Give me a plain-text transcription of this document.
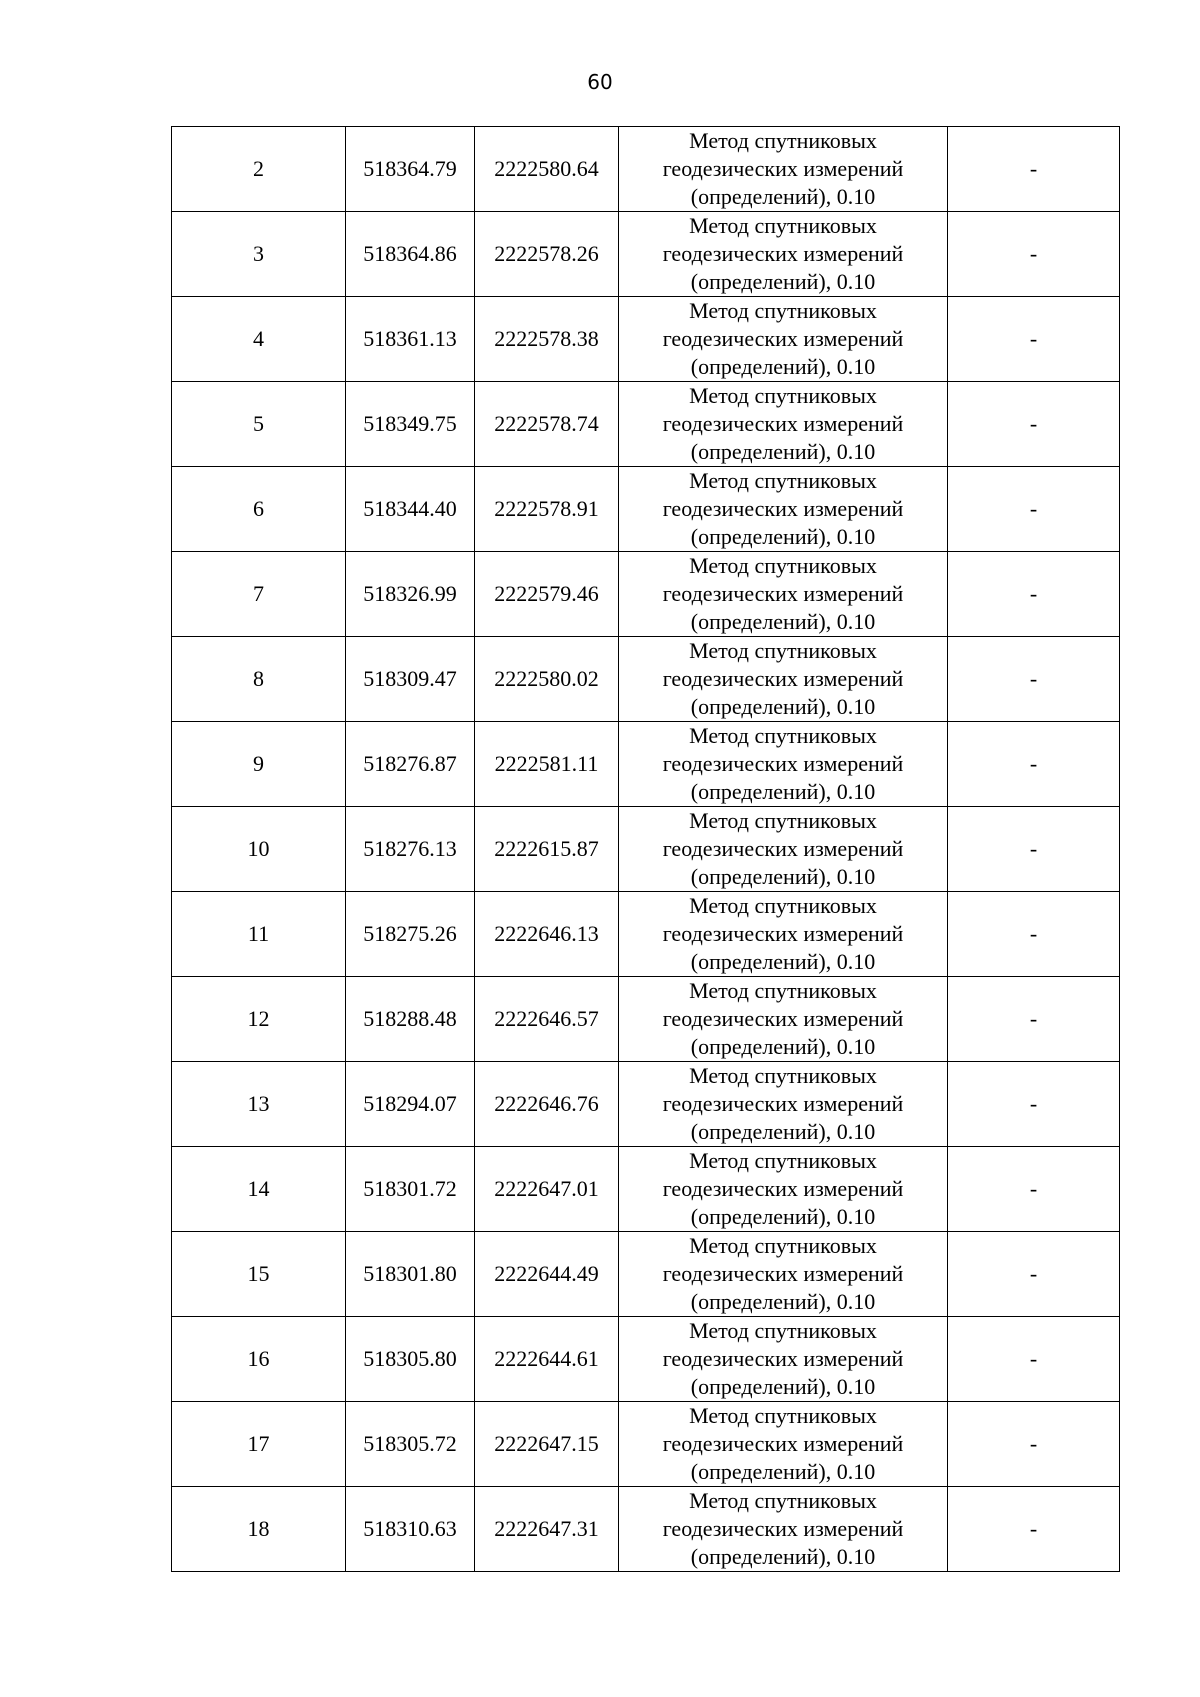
60
2	518364.79	2222580.64	Метод спутниковых
геодезических измерений
(определений), 0.10	-
3	518364.86	2222578.26	Метод спутниковых
геодезических измерений
(определений), 0.10	-
4	518361.13	2222578.38	Метод спутниковых
геодезических измерений
(определений), 0.10	-
5	518349.75	2222578.74	Метод спутниковых
геодезических измерений
(определений), 0.10	-
6	518344.40	2222578.91	Метод спутниковых
геодезических измерений
(определений), 0.10	-
7	518326.99	2222579.46	Метод спутниковых
геодезических измерений
(определений), 0.10	-
8	518309.47	2222580.02	Метод спутниковых
геодезических измерений
(определений), 0.10	-
9	518276.87	2222581.11	Метод спутниковых
геодезических измерений
(определений), 0.10	-
10	518276.13	2222615.87	Метод спутниковых
геодезических измерений
(определений), 0.10	-
11	518275.26	2222646.13	Метод спутниковых
геодезических измерений
(определений), 0.10	-
12	518288.48	2222646.57	Метод спутниковых
геодезических измерений
(определений), 0.10	-
13	518294.07	2222646.76	Метод спутниковых
геодезических измерений
(определений), 0.10	-
14	518301.72	2222647.01	Метод спутниковых
геодезических измерений
(определений), 0.10	-
15	518301.80	2222644.49	Метод спутниковых
геодезических измерений
(определений), 0.10	-
16	518305.80	2222644.61	Метод спутниковых
геодезических измерений
(определений), 0.10	-
17	518305.72	2222647.15	Метод спутниковых
геодезических измерений
(определений), 0.10	-
18	518310.63	2222647.31	Метод спутниковых
геодезических измерений
(определений), 0.10	-
